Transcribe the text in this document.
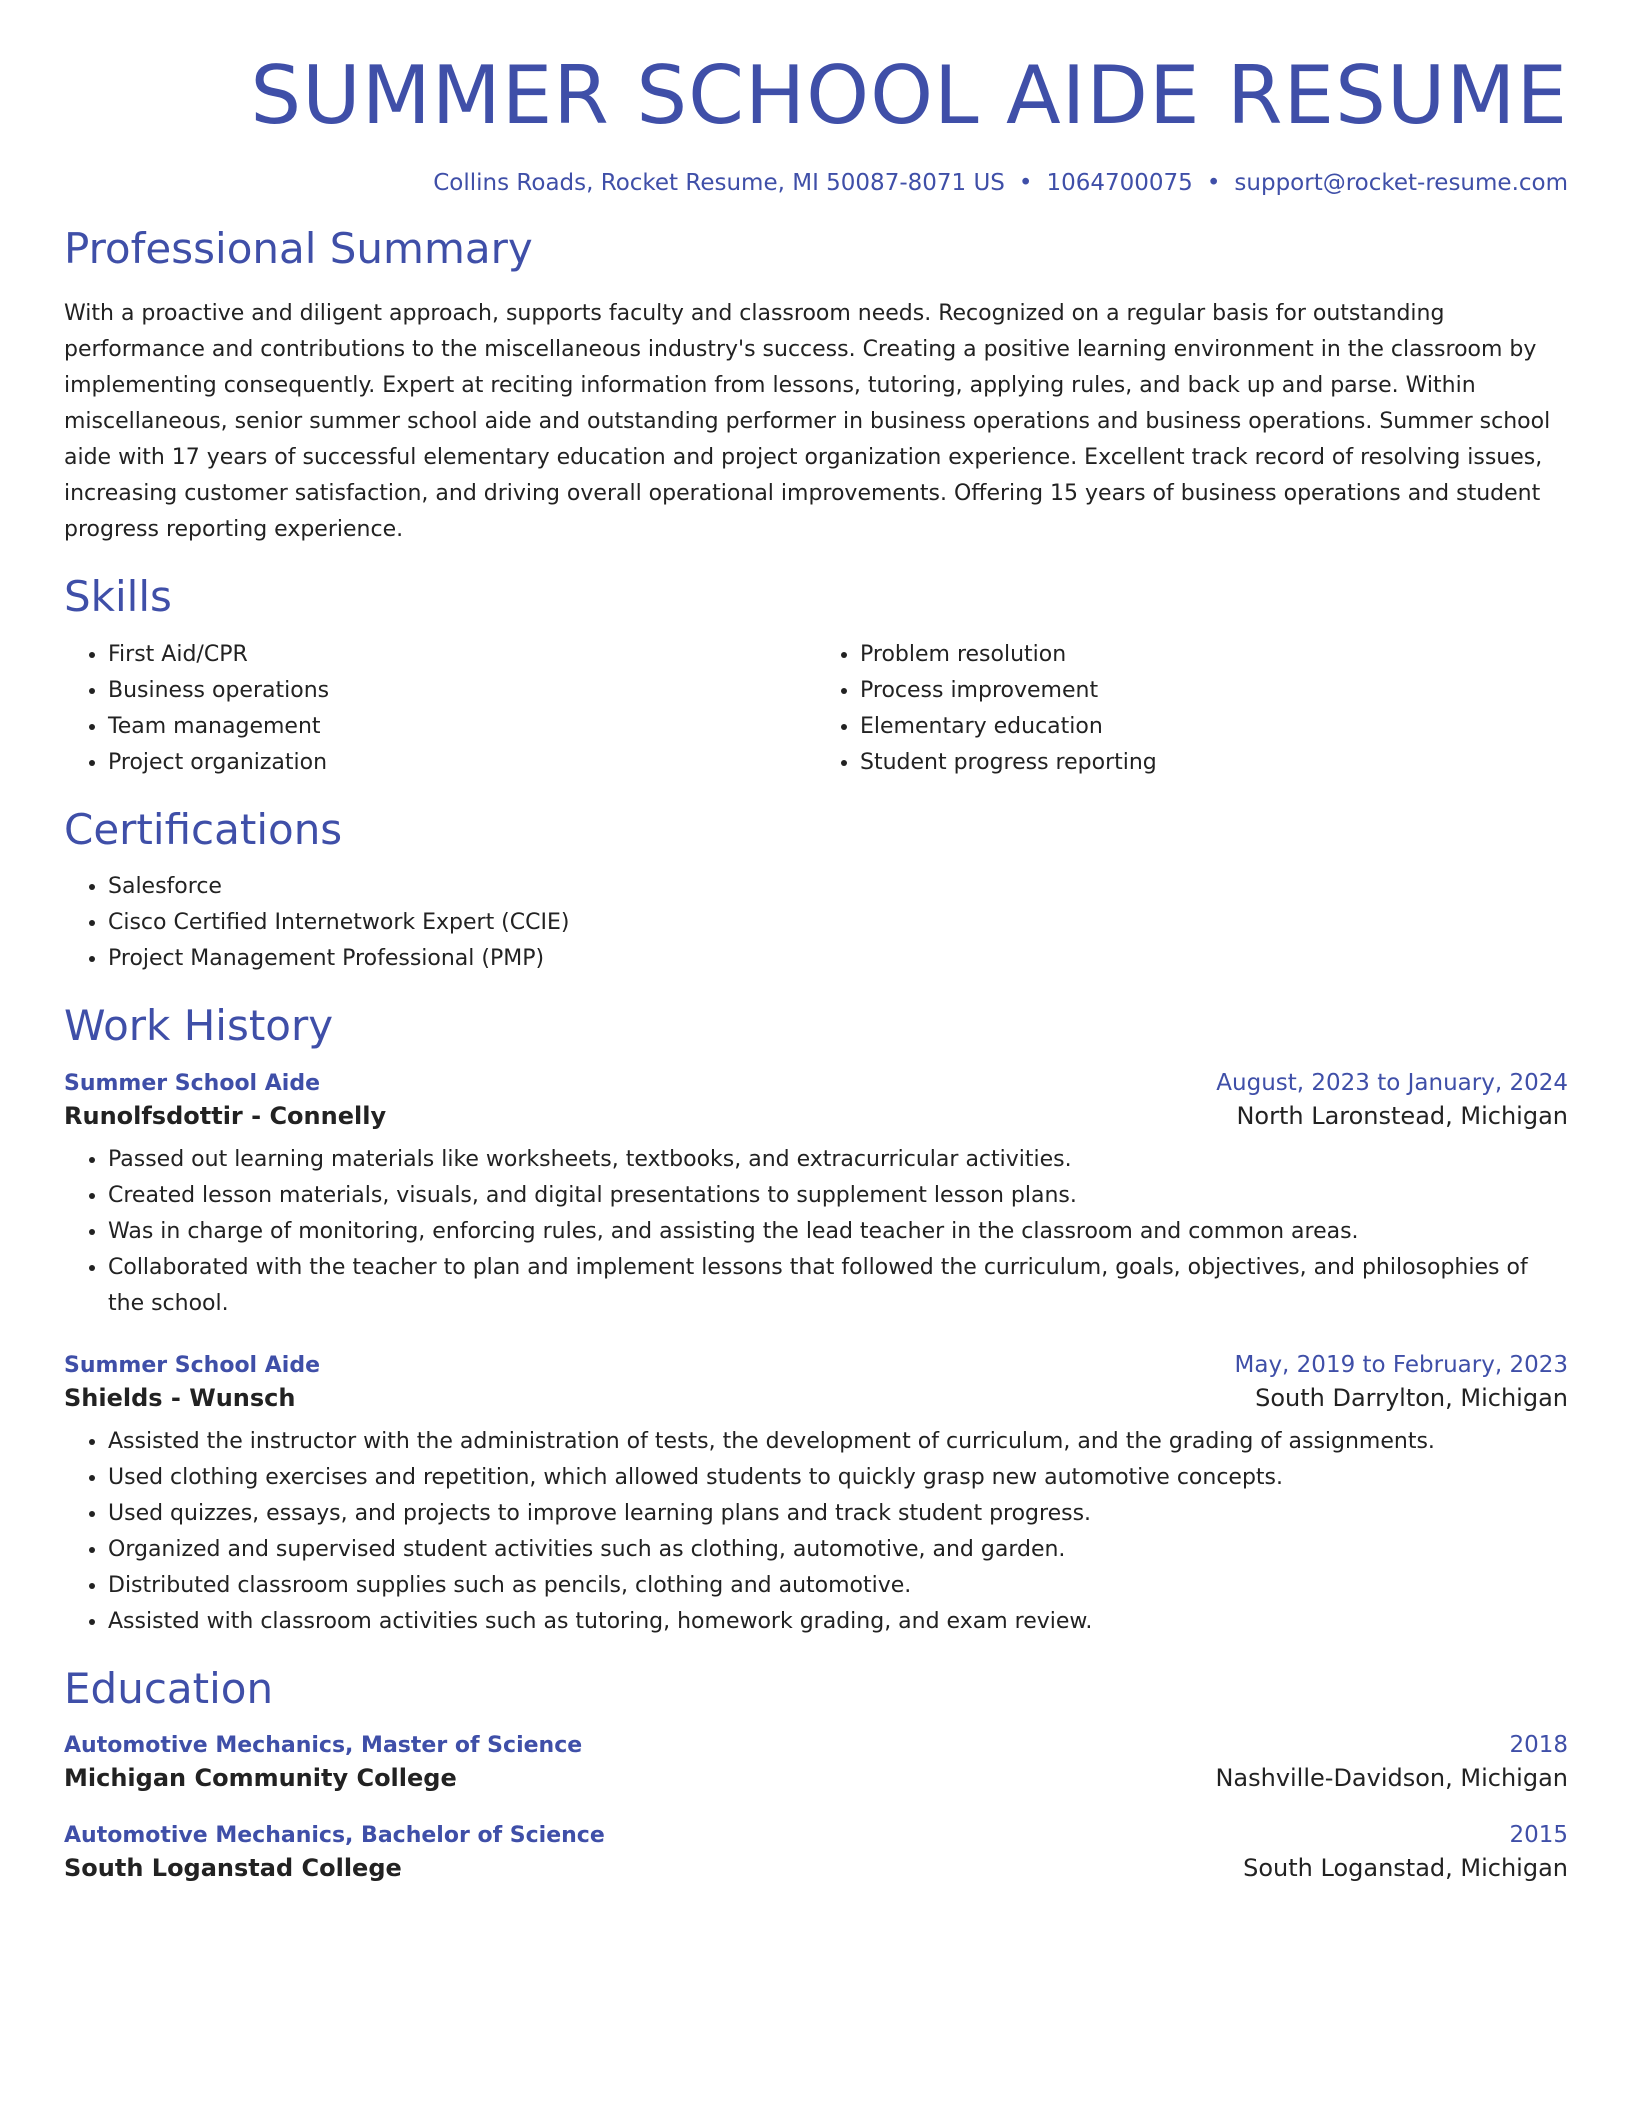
SUMMER SCHOOL AIDE RESUME
Collins Roads, Rocket Resume, MI 50087-8071 US • 1064700075 • support@rocket-resume.com
Professional Summary

With a proactive and diligent approach, supports faculty and classroom needs. Recognized on a regular basis for outstanding performance and contributions to the miscellaneous industry's success. Creating a positive learning environment in the classroom by implementing consequently. Expert at reciting information from lessons, tutoring, applying rules, and back up and parse. Within miscellaneous, senior summer school aide and outstanding performer in business operations and business operations. Summer school aide with 17 years of successful elementary education and project organization experience. Excellent track record of resolving issues, increasing customer satisfaction, and driving overall operational improvements. Offering 15 years of business operations and student progress reporting experience.

Skills
• First Aid/CPR
• Business operations
• Team management
• Project organization
• Problem resolution
• Process improvement
• Elementary education
• Student progress reporting
Certifications
• Salesforce
• Cisco Certified Internetwork Expert (CCIE)
• Project Management Professional (PMP)
Work History
Summer School Aide	August, 2023 to January, 2024
Runolfsdottir - Connelly	North Laronstead, Michigan
• Passed out learning materials like worksheets, textbooks, and extracurricular activities.
• Created lesson materials, visuals, and digital presentations to supplement lesson plans.
• Was in charge of monitoring, enforcing rules, and assisting the lead teacher in the classroom and common areas.
• Collaborated with the teacher to plan and implement lessons that followed the curriculum, goals, objectives, and philosophies of the school.
Summer School Aide	May, 2019 to February, 2023
Shields - Wunsch	South Darrylton, Michigan
• Assisted the instructor with the administration of tests, the development of curriculum, and the grading of assignments.
• Used clothing exercises and repetition, which allowed students to quickly grasp new automotive concepts.
• Used quizzes, essays, and projects to improve learning plans and track student progress.
• Organized and supervised student activities such as clothing, automotive, and garden.
• Distributed classroom supplies such as pencils, clothing and automotive.
• Assisted with classroom activities such as tutoring, homework grading, and exam review.
Education
Automotive Mechanics, Master of Science	2018
Michigan Community College	Nashville-Davidson, Michigan
Automotive Mechanics, Bachelor of Science	2015
South Loganstad College	South Loganstad, Michigan
